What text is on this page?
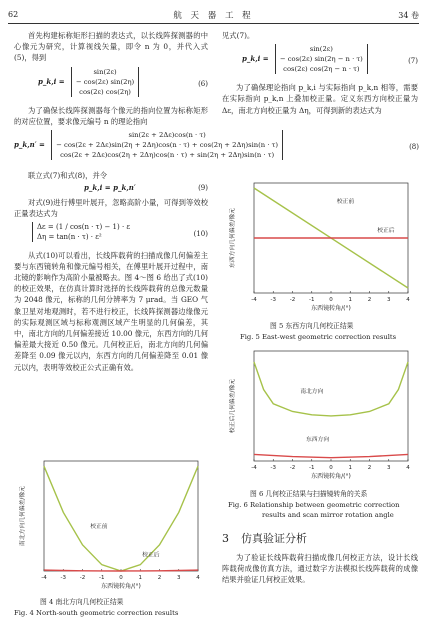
62	航 天 器 工 程	34 卷

首先构建标称矩形扫描的表达式，以长线阵探测器的中心像元为研究，计算视线矢量，即令 n 为 0，并代入式(5)，得到

p_k,i =
sin(2ε)
− cos(2ε) sin(2η)
cos(2ε) cos(2η)
(6)

为了确保长线阵探测器每个像元的指向位置为标称矩形的对应位置，要求像元编号 n 的理论指向

p_k,n′ =
sin(2ε + 2Δε)cos(n · τ)
− cos(2ε + 2Δε)sin(2η + 2Δη)cos(n · τ) + cos(2η + 2Δη)sin(n · τ)
cos(2ε + 2Δε)cos(2η + 2Δη)cos(n · τ) + sin(2η + 2Δη)sin(n · τ)
(8)

联立式(7)和式(8)，并令

p_k,i = p_k,n′	(9)

对式(9)进行傅里叶展开，忽略高阶小量，可得到等效校正量表达式为

Δε = (1 / cos(n · τ) − 1) · ε
Δη = tan(n · τ) · ε²	(10)

从式(10)可以看出，长线阵载荷的扫描成像几何偏差主要与东西镜转角和像元编号相关，在傅里叶展开过程中，南北镜的影响作为高阶小量被略去。图 4～图 6 给出了式(10)的校正效果，在仿真计算时选择的长线阵载荷的总像元数量为 2048 像元，标称的几何分辨率为 7 μrad。当 GEO 气象卫星对地观测时，若不进行校正，长线阵探测器边缘像元的实际观测区域与标称观测区域产生明显的几何偏差，其中，南北方向的几何偏差接近 10.00 像元，东西方向的几何偏差最大接近 0.50 像元。几何校正后，南北方向的几何偏差降至 0.09 像元以内，东西方向的几何偏差降至 0.01 像元以内，表明等效校正公式正确有效。

见式(7)。

p_k,i =
sin(2ε)
− cos(2ε) sin(2η − n · τ)
cos(2ε) cos(2η − n · τ)
(7)

为了确保理论指向 p_k,i 与实际指向 p_k,n 相等，需要在实际指向 p_k,n 上叠加校正量。定义东西方向校正量为 Δε，南北方向校正量为 Δη，可得到新的表达式为

-4	-3	-2	-1	0	1	2	3	4
东西镜转角/(°)
南北方向几何偏差/像元	校正前
校正后
图 4 南北方向几何校正结果
Fig. 4 North-south geometric correction results
-4	-3	-2	-1	0	1	2	3	4
东西镜转角/(°)
东西方向几何偏差/像元
校正前
校正后
图 5 东西方向几何校正结果
Fig. 5 East-west geometric correction results
-4	-3	-2	-1	0	1	2	3	4
东西镜转角/(°)
校正后几何偏差/像元	南北方向
东西方向
图 6 几何校正结果与扫描镜转角的关系
Fig. 6 Relationship between geometric correction
results and scan mirror rotation angle
3 仿真验证分析

为了验证长线阵载荷扫描成像几何校正方法，设计长线阵载荷成像仿真方法，通过数字方法模拟长线阵载荷的成像结果并验证几何校正效果。
